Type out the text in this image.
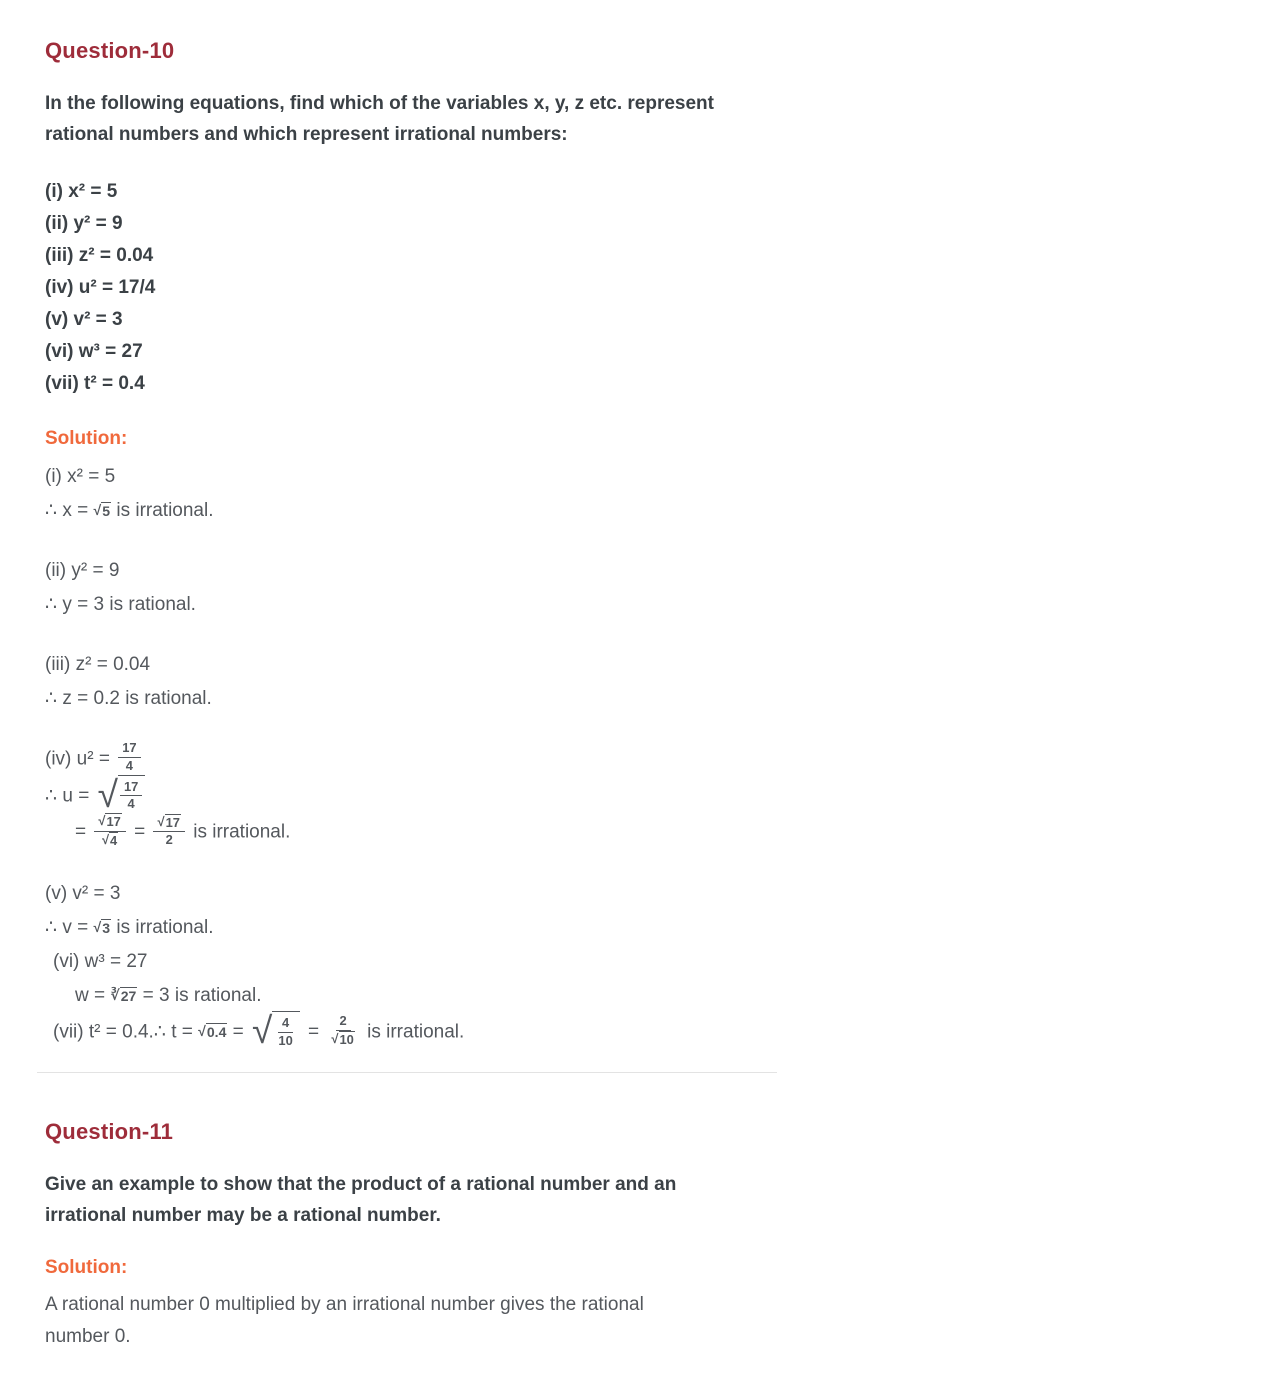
Question-10

In the following equations, find which of the variables x, y, z etc. represent rational numbers and which represent irrational numbers:

(i) x² = 5
(ii) y² = 9
(iii) z² = 0.04
(iv) u² = 17/4
(v) v² = 3
(vi) w³ = 27
(vii) t² = 0.4
Solution:
(i) x² = 5
∴ x = √ 5 is irrational.
(ii) y² = 9
∴ y = 3 is rational.
(iii) z² = 0.04
∴ z = 0.2 is rational.
(iv) $u^2 = \frac{17}{4}$
∴ u = √ $\frac{17}{4}$
= $\frac{√ 17}{√ 4} = \frac{√ 17}{2}$ is irrational.
(v) v² = 3
∴ v = √ 3 is irrational.
(vi) w³ = 27
w = ∛ 27 = 3 is rational.
(vii) t² = 0.4.∴ t = √ 0.4 = √ $\frac{4}{10} = \frac{2}{√ 10}$ is irrational.
Question-11

Give an example to show that the product of a rational number and an irrational number may be a rational number.

Solution:

A rational number 0 multiplied by an irrational number gives the rational number 0.
